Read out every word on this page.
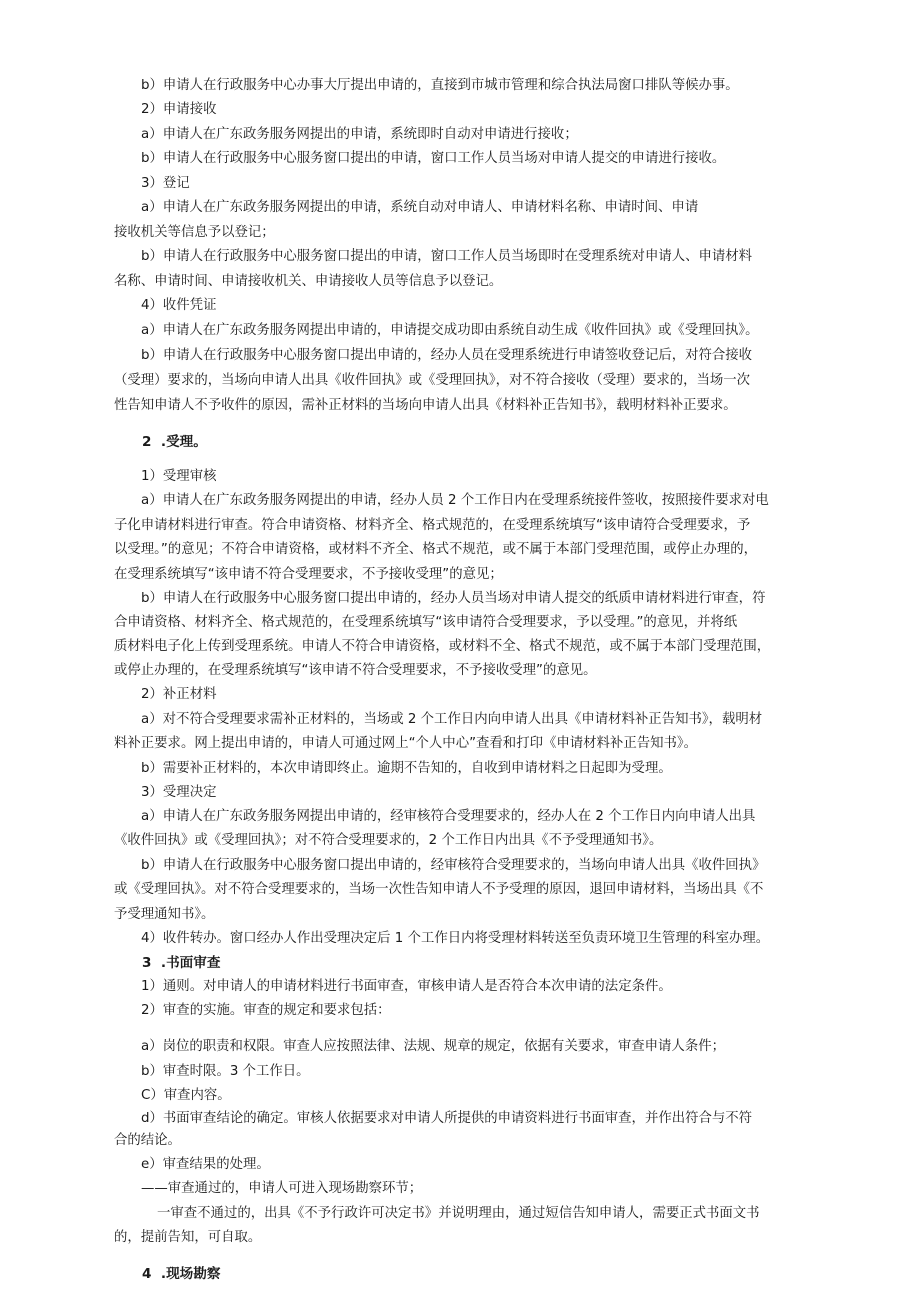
b）申请人在行政服务中心办事大厅提出申请的，直接到市城市管理和综合执法局窗口排队等候办事。
2）申请接收
a）申请人在广东政务服务网提出的申请，系统即时自动对申请进行接收；
b）申请人在行政服务中心服务窗口提出的申请，窗口工作人员当场对申请人提交的申请进行接收。
3）登记
a）申请人在广东政务服务网提出的申请，系统自动对申请人、申请材料名称、申请时间、申请
接收机关等信息予以登记；
b）申请人在行政服务中心服务窗口提出的申请，窗口工作人员当场即时在受理系统对申请人、申请材料
名称、申请时间、申请接收机关、申请接收人员等信息予以登记。
4）收件凭证
a）申请人在广东政务服务网提出申请的，申请提交成功即由系统自动生成《收件回执》或《受理回执》。
b）申请人在行政服务中心服务窗口提出申请的，经办人员在受理系统进行申请签收登记后，对符合接收
（受理）要求的，当场向申请人出具《收件回执》或《受理回执》，对不符合接收（受理）要求的，当场一次
性告知申请人不予收件的原因，需补正材料的当场向申请人出具《材料补正告知书》，载明材料补正要求。
2  .受理。
1）受理审核
a）申请人在广东政务服务网提出的申请，经办人员 2 个工作日内在受理系统接件签收，按照接件要求对电
子化申请材料进行审查。符合申请资格、材料齐全、格式规范的，在受理系统填写“该申请符合受理要求，予
以受理。”的意见；不符合申请资格，或材料不齐全、格式不规范，或不属于本部门受理范围，或停止办理的，
在受理系统填写“该申请不符合受理要求，不予接收受理”的意见；
b）申请人在行政服务中心服务窗口提出申请的，经办人员当场对申请人提交的纸质申请材料进行审查，符
合申请资格、材料齐全、格式规范的，在受理系统填写“该申请符合受理要求，予以受理。”的意见，并将纸
质材料电子化上传到受理系统。申请人不符合申请资格，或材料不全、格式不规范，或不属于本部门受理范围，
或停止办理的，在受理系统填写“该申请不符合受理要求，不予接收受理”的意见。
2）补正材料
a）对不符合受理要求需补正材料的，当场或 2 个工作日内向申请人出具《申请材料补正告知书》，载明材
料补正要求。网上提出申请的，申请人可通过网上“个人中心”查看和打印《申请材料补正告知书》。
b）需要补正材料的，本次申请即终止。逾期不告知的，自收到申请材料之日起即为受理。
3）受理决定
a）申请人在广东政务服务网提出申请的，经审核符合受理要求的，经办人在 2 个工作日内向申请人出具
《收件回执》或《受理回执》；对不符合受理要求的，2 个工作日内出具《不予受理通知书》。
b）申请人在行政服务中心服务窗口提出申请的，经审核符合受理要求的，当场向申请人出具《收件回执》
或《受理回执》。对不符合受理要求的，当场一次性告知申请人不予受理的原因，退回申请材料，当场出具《不
予受理通知书》。
4）收件转办。窗口经办人作出受理决定后 1 个工作日内将受理材料转送至负责环境卫生管理的科室办理。
3  .书面审查
1）通则。对申请人的申请材料进行书面审查，审核申请人是否符合本次申请的法定条件。
2）审查的实施。审查的规定和要求包括：
a）岗位的职责和权限。审查人应按照法律、法规、规章的规定，依据有关要求，审查申请人条件；
b）审查时限。3 个工作日。
C）审查内容。
d）书面审查结论的确定。审核人依据要求对申请人所提供的申请资料进行书面审查，并作出符合与不符
合的结论。
e）审查结果的处理。
——审查通过的，申请人可进入现场勘察环节；
一审查不通过的，出具《不予行政许可决定书》并说明理由，通过短信告知申请人，需要正式书面文书
的，提前告知，可自取。
4  .现场勘察
